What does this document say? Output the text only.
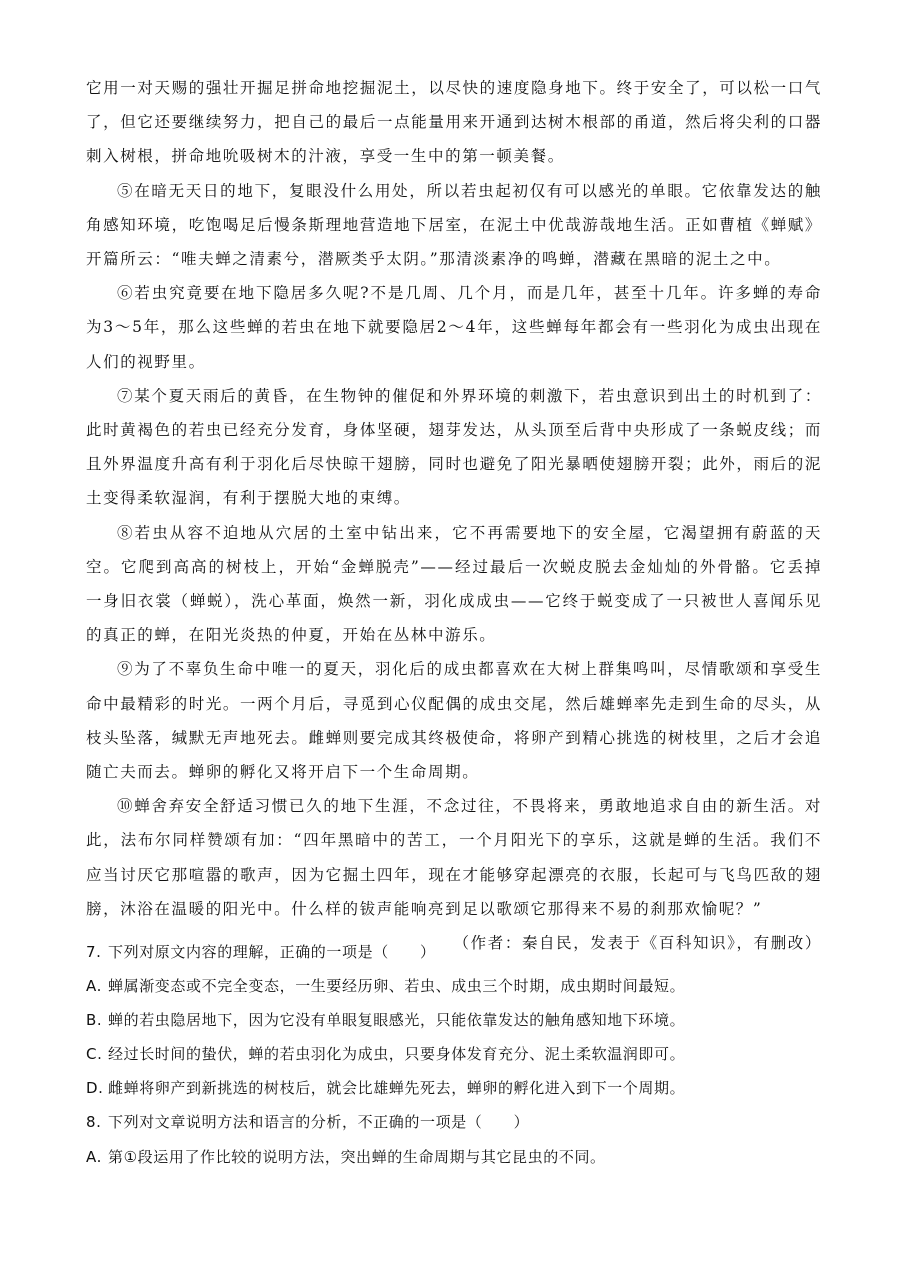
它用一对天赐的强壮开掘足拼命地挖掘泥土，以尽快的速度隐身地下。终于安全了，可以松一口气了，但它还要继续努力，把自己的最后一点能量用来开通到达树木根部的甬道，然后将尖利的口器刺入树根，拼命地吮吸树木的汁液，享受一生中的第一顿美餐。

⑤在暗无天日的地下，复眼没什么用处，所以若虫起初仅有可以感光的单眼。它依靠发达的触角感知环境，吃饱喝足后慢条斯理地营造地下居室，在泥土中优哉游哉地生活。正如曹植《蝉赋》开篇所云：“唯夫蝉之清素兮，潜厥类乎太阴。”那清淡素净的鸣蝉，潜藏在黑暗的泥土之中。

⑥若虫究竟要在地下隐居多久呢?不是几周、几个月，而是几年，甚至十几年。许多蝉的寿命为3～5年，那么这些蝉的若虫在地下就要隐居2～4年，这些蝉每年都会有一些羽化为成虫出现在人们的视野里。

⑦某个夏天雨后的黄昏，在生物钟的催促和外界环境的刺激下，若虫意识到出土的时机到了：此时黄褐色的若虫已经充分发育，身体坚硬，翅芽发达，从头顶至后背中央形成了一条蜕皮线；而且外界温度升高有利于羽化后尽快晾干翅膀，同时也避免了阳光暴晒使翅膀开裂；此外，雨后的泥土变得柔软湿润，有利于摆脱大地的束缚。

⑧若虫从容不迫地从穴居的土室中钻出来，它不再需要地下的安全屋，它渴望拥有蔚蓝的天空。它爬到高高的树枝上，开始“金蝉脱壳”——经过最后一次蜕皮脱去金灿灿的外骨骼。它丢掉一身旧衣裳（蝉蜕），洗心革面，焕然一新，羽化成成虫——它终于蜕变成了一只被世人喜闻乐见的真正的蝉，在阳光炎热的仲夏，开始在丛林中游乐。

⑨为了不辜负生命中唯一的夏天，羽化后的成虫都喜欢在大树上群集鸣叫，尽情歌颂和享受生命中最精彩的时光。一两个月后，寻觅到心仪配偶的成虫交尾，然后雄蝉率先走到生命的尽头，从枝头坠落，缄默无声地死去。雌蝉则要完成其终极使命，将卵产到精心挑选的树枝里，之后才会追随亡夫而去。蝉卵的孵化又将开启下一个生命周期。

⑩蝉舍弃安全舒适习惯已久的地下生涯，不念过往，不畏将来，勇敢地追求自由的新生活。对此，法布尔同样赞颂有加：“四年黑暗中的苦工，一个月阳光下的享乐，这就是蝉的生活。我们不应当讨厌它那喧嚣的歌声，因为它掘土四年，现在才能够穿起漂亮的衣服，长起可与飞鸟匹敌的翅膀，沐浴在温暖的阳光中。什么样的钹声能响亮到足以歌颂它那得来不易的刹那欢愉呢？”

（作者：秦自民，发表于《百科知识》，有删改）

7. 下列对原文内容的理解，正确的一项是（　　）

A. 蝉属渐变态或不完全变态，一生要经历卵、若虫、成虫三个时期，成虫期时间最短。

B. 蝉的若虫隐居地下，因为它没有单眼复眼感光，只能依靠发达的触角感知地下环境。

C. 经过长时间的蛰伏，蝉的若虫羽化为成虫，只要身体发育充分、泥土柔软温润即可。

D. 雌蝉将卵产到新挑选的树枝后，就会比雄蝉先死去，蝉卵的孵化进入到下一个周期。

8. 下列对文章说明方法和语言的分析，不正确的一项是（　　）

A. 第①段运用了作比较的说明方法，突出蝉的生命周期与其它昆虫的不同。
